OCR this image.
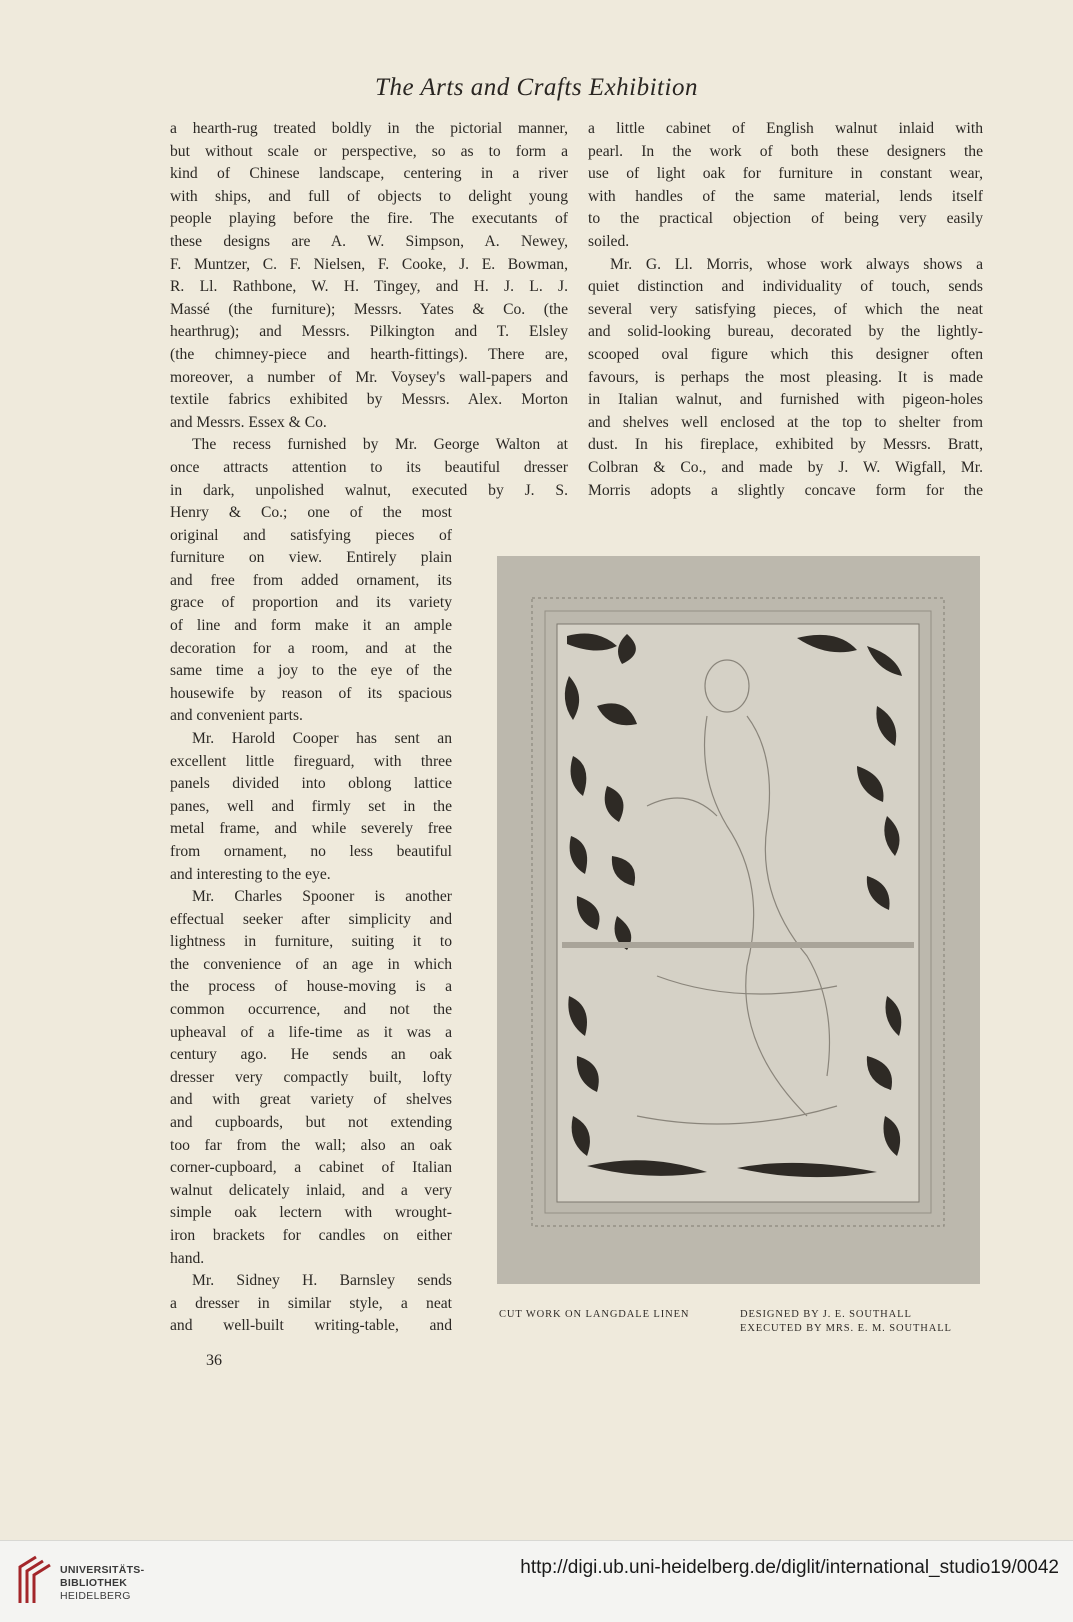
The Arts and Crafts Exhibition
a hearth-rug treated boldly in the pictorial manner,
but without scale or perspective, so as to form a
kind of Chinese landscape, centering in a river
with ships, and full of objects to delight young
people playing before the fire. The executants of
these designs are A. W. Simpson, A. Newey,
F. Muntzer, C. F. Nielsen, F. Cooke, J. E. Bowman,
R. Ll. Rathbone, W. H. Tingey, and H. J. L. J.
Massé (the furniture); Messrs. Yates & Co. (the
hearthrug); and Messrs. Pilkington and T. Elsley
(the chimney-piece and hearth-fittings). There are,
moreover, a number of Mr. Voysey's wall-papers and
textile fabrics exhibited by Messrs. Alex. Morton
and Messrs. Essex & Co.
The recess furnished by Mr. George Walton at
once attracts attention to its beautiful dresser
in dark, unpolished walnut, executed by J. S.
a little cabinet of English walnut inlaid with
pearl. In the work of both these designers the
use of light oak for furniture in constant wear,
with handles of the same material, lends itself
to the practical objection of being very easily
soiled.
Mr. G. Ll. Morris, whose work always shows a
quiet distinction and individuality of touch, sends
several very satisfying pieces, of which the neat
and solid-looking bureau, decorated by the lightly-
scooped oval figure which this designer often
favours, is perhaps the most pleasing. It is made
in Italian walnut, and furnished with pigeon-holes
and shelves well enclosed at the top to shelter from
dust. In his fireplace, exhibited by Messrs. Bratt,
Colbran & Co., and made by J. W. Wigfall, Mr.
Morris adopts a slightly concave form for the
Henry & Co.; one of the most
original and satisfying pieces of
furniture on view. Entirely plain
and free from added ornament, its
grace of proportion and its variety
of line and form make it an ample
decoration for a room, and at the
same time a joy to the eye of the
housewife by reason of its spacious
and convenient parts.
Mr. Harold Cooper has sent an
excellent little fireguard, with three
panels divided into oblong lattice
panes, well and firmly set in the
metal frame, and while severely free
from ornament, no less beautiful
and interesting to the eye.
Mr. Charles Spooner is another
effectual seeker after simplicity and
lightness in furniture, suiting it to
the convenience of an age in which
the process of house-moving is a
common occurrence, and not the
upheaval of a life-time as it was a
century ago. He sends an oak
dresser very compactly built, lofty
and with great variety of shelves
and cupboards, but not extending
too far from the wall; also an oak
corner-cupboard, a cabinet of Italian
walnut delicately inlaid, and a very
simple oak lectern with wrought-
iron brackets for candles on either
hand.
Mr. Sidney H. Barnsley sends
a dresser in similar style, a neat
and well-built writing-table, and
CUT WORK ON LANGDALE LINEN	DESIGNED BY J. E. SOUTHALL
EXECUTED BY MRS. E. M. SOUTHALL
36
UNIVERSITÄTS-
BIBLIOTHEK
HEIDELBERG
http://digi.ub.uni-heidelberg.de/diglit/international_studio19/0042
